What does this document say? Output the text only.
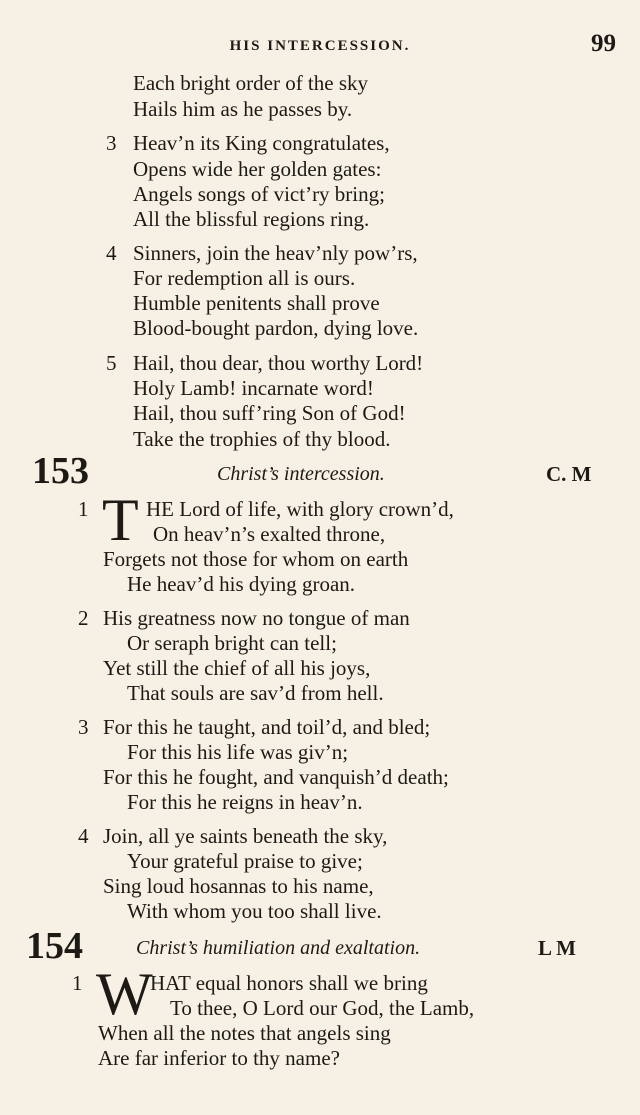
HIS INTERCESSION.	99
Each bright order of the sky
Hails him as he passes by.
3 Heav’n its King congratulates,
Opens wide her golden gates:
Angels songs of vict’ry bring;
All the blissful regions ring.
4 Sinners, join the heav’nly pow’rs,
For redemption all is ours.
Humble penitents shall prove
Blood-bought pardon, dying love.
5 Hail, thou dear, thou worthy Lord!
Holy Lamb! incarnate word!
Hail, thou suff’ring Son of God!
Take the trophies of thy blood.
153	Christ’s intercession.	C. M
1 T HE Lord of life, with glory crown’d,
On heav’n’s exalted throne,
Forgets not those for whom on earth
He heav’d his dying groan.
2 His greatness now no tongue of man
Or seraph bright can tell;
Yet still the chief of all his joys,
That souls are sav’d from hell.
3 For this he taught, and toil’d, and bled;
For this his life was giv’n;
For this he fought, and vanquish’d death;
For this he reigns in heav’n.
4 Join, all ye saints beneath the sky,
Your grateful praise to give;
Sing loud hosannas to his name,
With whom you too shall live.
154	Christ’s humiliation and exaltation.	L M
1 W
HAT equal honors shall we bring
To thee, O Lord our God, the Lamb,
When all the notes that angels sing
Are far inferior to thy name?
